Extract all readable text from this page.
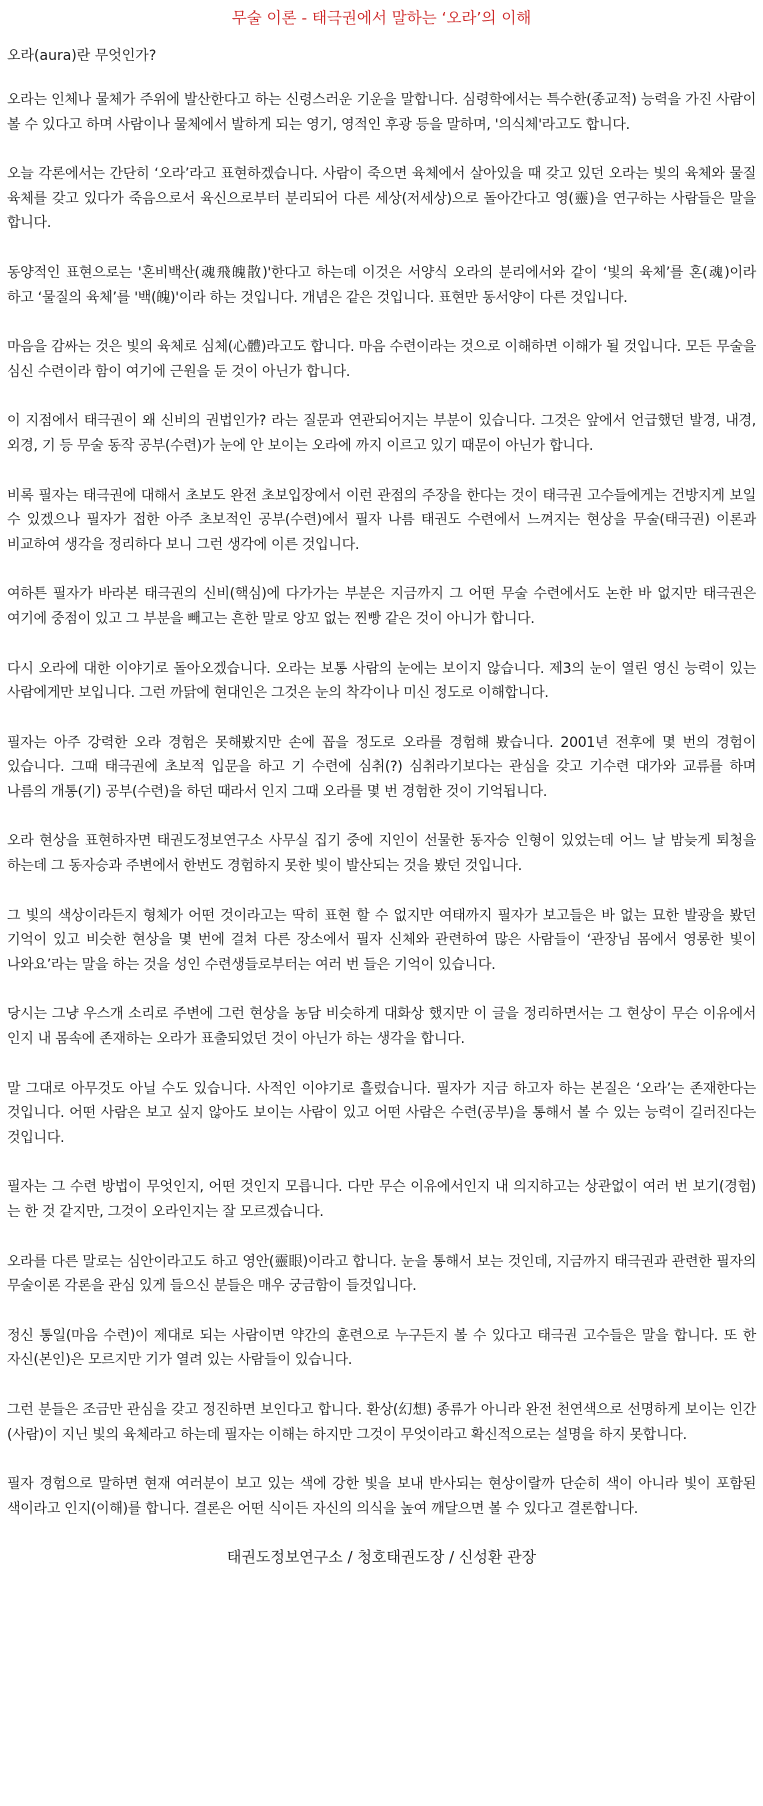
무술 이론 - 태극권에서 말하는 ‘오라’의 이해

오라(aura)란 무엇인가?

오라는 인체나 물체가 주위에 발산한다고 하는 신령스러운 기운을 말합니다. 심령학에서는 특수한(종교적) 능력을 가진 사람이 볼 수 있다고 하며 사람이나 물체에서 발하게 되는 영기, 영적인 후광 등을 말하며, '의식체'라고도 합니다.

오늘 각론에서는 간단히 ‘오라’라고 표현하겠습니다. 사람이 죽으면 육체에서 살아있을 때 갖고 있던 오라는 빛의 육체와 물질 육체를 갖고 있다가 죽음으로서 육신으로부터 분리되어 다른 세상(저세상)으로 돌아간다고 영(靈)을 연구하는 사람들은 말을 합니다.

동양적인 표현으로는 '혼비백산(魂飛魄散)'한다고 하는데 이것은 서양식 오라의 분리에서와 같이 ‘빛의 육체’를 혼(魂)이라 하고 ‘물질의 육체’를 '백(魄)'이라 하는 것입니다. 개념은 같은 것입니다. 표현만 동서양이 다른 것입니다.

마음을 감싸는 것은 빛의 육체로 심체(心體)라고도 합니다. 마음 수련이라는 것으로 이해하면 이해가 될 것입니다. 모든 무술을 심신 수련이라 함이 여기에 근원을 둔 것이 아닌가 합니다.

이 지점에서 태극권이 왜 신비의 권법인가? 라는 질문과 연관되어지는 부분이 있습니다. 그것은 앞에서 언급했던 발경, 내경, 외경, 기 등 무술 동작 공부(수련)가 눈에 안 보이는 오라에 까지 이르고 있기 때문이 아닌가 합니다.

비록 필자는 태극권에 대해서 초보도 완전 초보입장에서 이런 관점의 주장을 한다는 것이 태극권 고수들에게는 건방지게 보일 수 있겠으나 필자가 접한 아주 초보적인 공부(수련)에서 필자 나름 태권도 수련에서 느껴지는 현상을 무술(태극권) 이론과 비교하여 생각을 정리하다 보니 그런 생각에 이른 것입니다.

여하튼 필자가 바라본 태극권의 신비(핵심)에 다가가는 부분은 지금까지 그 어떤 무술 수련에서도 논한 바 없지만 태극권은 여기에 중점이 있고 그 부분을 빼고는 흔한 말로 앙꼬 없는 찐빵 같은 것이 아니가 합니다.

다시 오라에 대한 이야기로 돌아오겠습니다. 오라는 보통 사람의 눈에는 보이지 않습니다. 제3의 눈이 열린 영신 능력이 있는 사람에게만 보입니다. 그런 까닭에 현대인은 그것은 눈의 착각이나 미신 정도로 이해합니다.

필자는 아주 강력한 오라 경험은 못해봤지만 손에 꼽을 정도로 오라를 경험해 봤습니다. 2001년 전후에 몇 번의 경험이 있습니다. 그때 태극권에 초보적 입문을 하고 기 수련에 심취(?) 심취라기보다는 관심을 갖고 기수련 대가와 교류를 하며 나름의 개통(기) 공부(수련)을 하던 때라서 인지 그때 오라를 몇 번 경험한 것이 기억됩니다.

오라 현상을 표현하자면 태권도정보연구소 사무실 집기 중에 지인이 선물한 동자승 인형이 있었는데 어느 날 밤늦게 퇴청을 하는데 그 동자승과 주변에서 한번도 경험하지 못한 빛이 발산되는 것을 봤던 것입니다.

그 빛의 색상이라든지 형체가 어떤 것이라고는 딱히 표현 할 수 없지만 여태까지 필자가 보고들은 바 없는 묘한 발광을 봤던 기억이 있고 비슷한 현상을 몇 번에 걸쳐 다른 장소에서 필자 신체와 관련하여 많은 사람들이 ‘관장님 몸에서 영롱한 빛이 나와요’라는 말을 하는 것을 성인 수련생들로부터는 여러 번 들은 기억이 있습니다.

당시는 그냥 우스개 소리로 주변에 그런 현상을 농담 비슷하게 대화상 했지만 이 글을 정리하면서는 그 현상이 무슨 이유에서 인지 내 몸속에 존재하는 오라가 표출되었던 것이 아닌가 하는 생각을 합니다.

말 그대로 아무것도 아닐 수도 있습니다. 사적인 이야기로 흘렀습니다. 필자가 지금 하고자 하는 본질은 ‘오라’는 존재한다는 것입니다. 어떤 사람은 보고 싶지 않아도 보이는 사람이 있고 어떤 사람은 수련(공부)을 통해서 볼 수 있는 능력이 길러진다는 것입니다.

필자는 그 수련 방법이 무엇인지, 어떤 것인지 모릅니다. 다만 무슨 이유에서인지 내 의지하고는 상관없이 여러 번 보기(경험)는 한 것 같지만, 그것이 오라인지는 잘 모르겠습니다.

오라를 다른 말로는 심안이라고도 하고 영안(靈眼)이라고 합니다. 눈을 통해서 보는 것인데, 지금까지 태극권과 관련한 필자의 무술이론 각론을 관심 있게 들으신 분들은 매우 궁금함이 들것입니다.

정신 통일(마음 수련)이 제대로 되는 사람이면 약간의 훈련으로 누구든지 볼 수 있다고 태극권 고수들은 말을 합니다. 또 한 자신(본인)은 모르지만 기가 열려 있는 사람들이 있습니다.

그런 분들은 조금만 관심을 갖고 정진하면 보인다고 합니다. 환상(幻想) 종류가 아니라 완전 천연색으로 선명하게 보이는 인간(사람)이 지닌 빛의 육체라고 하는데 필자는 이해는 하지만 그것이 무엇이라고 확신적으로는 설명을 하지 못합니다.

필자 경험으로 말하면 현재 여러분이 보고 있는 색에 강한 빛을 보내 반사되는 현상이랄까 단순히 색이 아니라 빛이 포함된 색이라고 인지(이해)를 합니다. 결론은 어떤 식이든 자신의 의식을 높여 깨달으면 볼 수 있다고 결론합니다.

태권도정보연구소 / 청호태권도장 / 신성환 관장
